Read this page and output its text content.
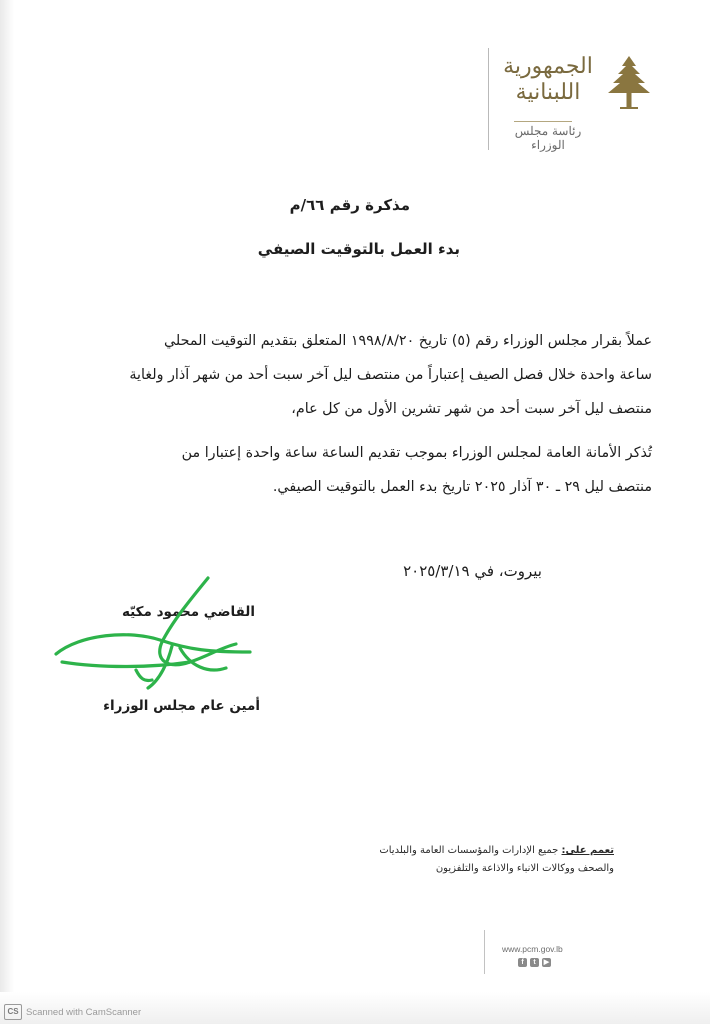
الجمهورية
اللبنانية
رئاسة مجلس الوزراء
مذكرة رقم ٦٦/م
بدء العمل بالتوقيت الصيفي
عملاً بقرار مجلس الوزراء رقم (٥) تاريخ ١٩٩٨/٨/٢٠ المتعلق بتقديم التوقيت المحلي
ساعة واحدة خلال فصل الصيف إعتباراً من منتصف ليل آخر سبت أحد من شهر آذار ولغاية
منتصف ليل آخر سبت أحد من شهر تشرين الأول من كل عام،
تُذكر الأمانة العامة لمجلس الوزراء بموجب تقديم الساعة ساعة واحدة إعتبارا من
منتصف ليل ٢٩ ـ ٣٠ آذار ٢٠٢٥ تاريخ بدء العمل بالتوقيت الصيفي.
بيروت، في ٢٠٢٥/٣/١٩
القاضي محمود مكيّه
أمين عام مجلس الوزراء
تعمم على: جميع الإدارات والمؤسسات العامة والبلديات
والصحف ووكالات الانباء والاذاعة والتلفزيون
www.pcm.gov.lb
f	t	▶
CS Scanned with CamScanner
